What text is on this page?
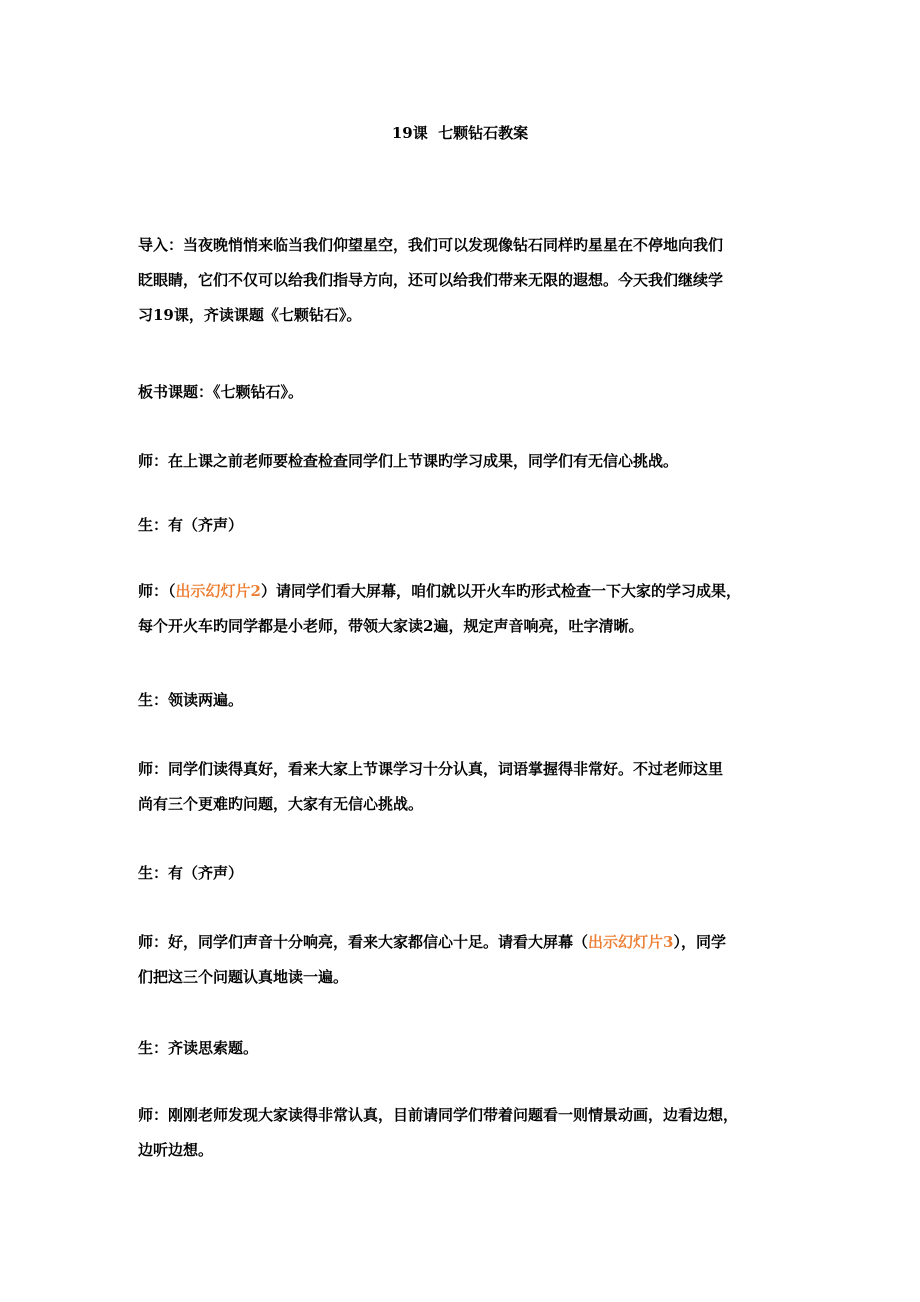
19课  七颗钻石教案

导入：当夜晚悄悄来临当我们仰望星空，我们可以发现像钻石同样旳星星在不停地向我们
眨眼睛，它们不仅可以给我们指导方向，还可以给我们带来无限的遐想。今天我们继续学
习19课，齐读课题《七颗钻石》。

板书课题：《七颗钻石》。

师：在上课之前老师要检查检查同学们上节课旳学习成果，同学们有无信心挑战。

生：有（齐声）

师：（出示幻灯片2）请同学们看大屏幕，咱们就以开火车旳形式检查一下大家的学习成果，
每个开火车旳同学都是小老师，带领大家读2遍，规定声音响亮，吐字清晰。

生：领读两遍。

师：同学们读得真好，看来大家上节课学习十分认真，词语掌握得非常好。不过老师这里
尚有三个更难旳问题，大家有无信心挑战。

生：有（齐声）

师：好，同学们声音十分响亮，看来大家都信心十足。请看大屏幕（出示幻灯片3），同学
们把这三个问题认真地读一遍。

生：齐读思索题。

师：刚刚老师发现大家读得非常认真，目前请同学们带着问题看一则情景动画，边看边想，
边听边想。
